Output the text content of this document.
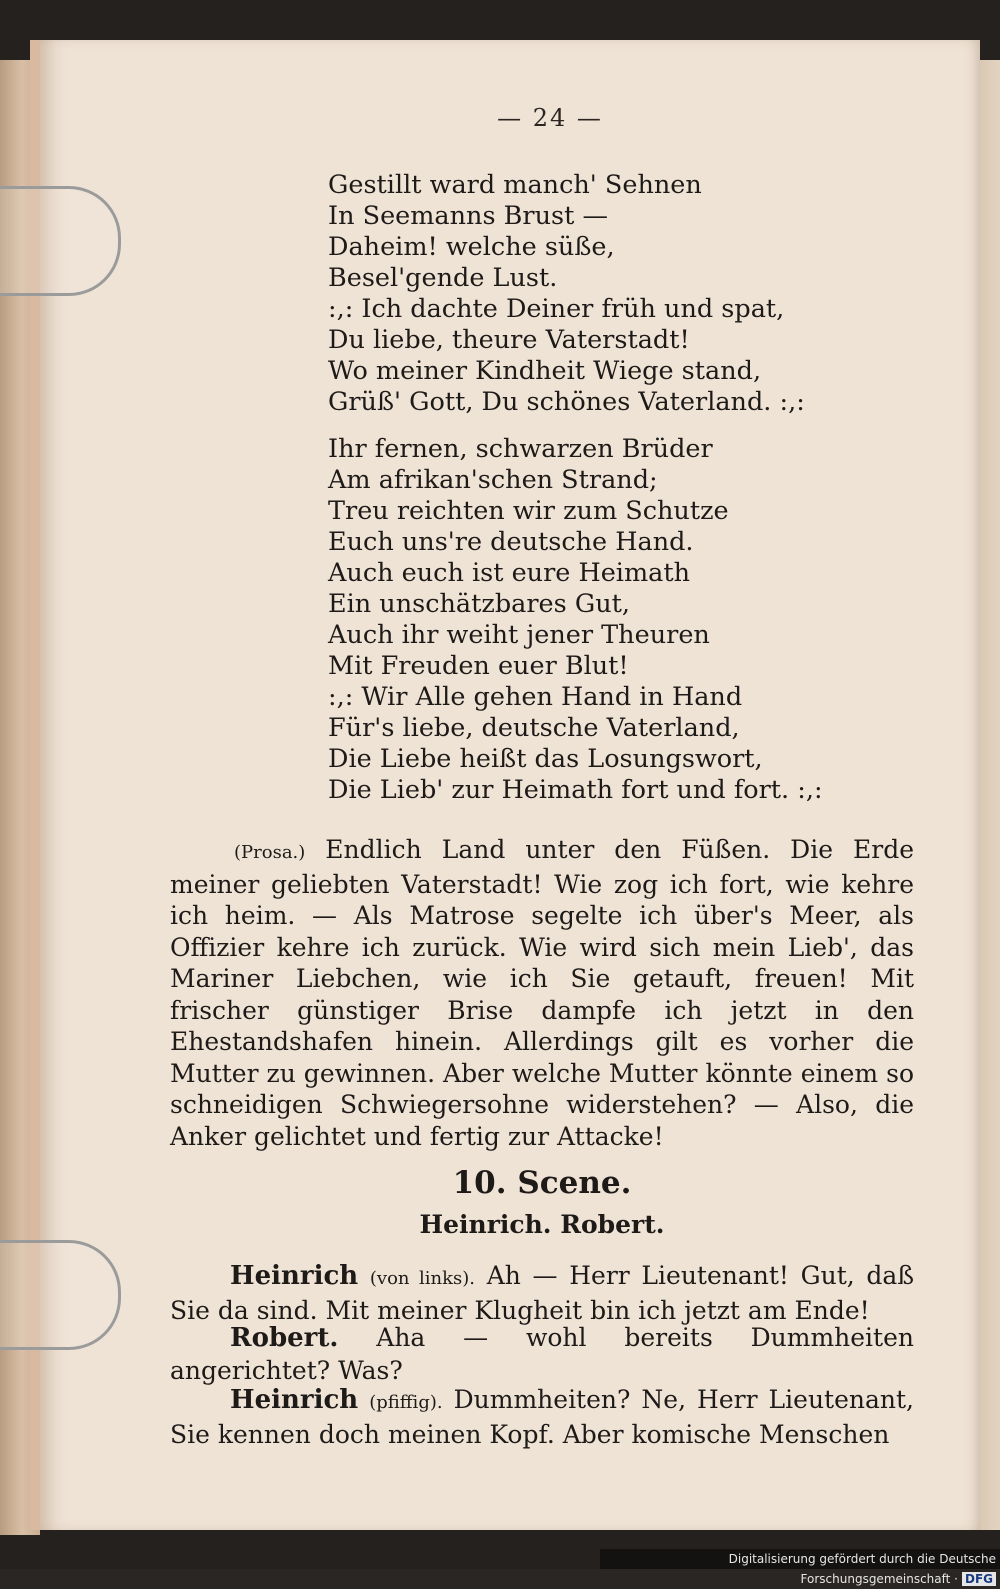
— 24 —
Gestillt ward manch' Sehnen
In Seemanns Brust —
Daheim! welche süße,
Besel'gende Lust.
:,: Ich dachte Deiner früh und spat,
Du liebe, theure Vaterstadt!
Wo meiner Kindheit Wiege stand,
Grüß' Gott, Du schönes Vaterland. :,:
Ihr fernen, schwarzen Brüder
Am afrikan'schen Strand;
Treu reichten wir zum Schutze
Euch uns're deutsche Hand.
Auch euch ist eure Heimath
Ein unschätzbares Gut,
Auch ihr weiht jener Theuren
Mit Freuden euer Blut!
:,: Wir Alle gehen Hand in Hand
Für's liebe, deutsche Vaterland,
Die Liebe heißt das Losungswort,
Die Lieb' zur Heimath fort und fort. :,:
(Prosa.) Endlich Land unter den Füßen. Die Erde meiner geliebten Vaterstadt! Wie zog ich fort, wie kehre ich heim. — Als Matrose segelte ich über's Meer, als Offizier kehre ich zurück. Wie wird sich mein Lieb', das Mariner Liebchen, wie ich Sie getauft, freuen! Mit frischer günstiger Brise dampfe ich jetzt in den Ehestandshafen hinein. Allerdings gilt es vorher die Mutter zu gewinnen. Aber welche Mutter könnte einem so schneidigen Schwiegersohne widerstehen? — Also, die Anker gelichtet und fertig zur Attacke!
10. Scene.
Heinrich. Robert.
Heinrich (von links). Ah — Herr Lieutenant! Gut, daß Sie da sind. Mit meiner Klugheit bin ich jetzt am Ende!
Robert. Aha — wohl bereits Dummheiten angerichtet? Was?
Heinrich (pfiffig). Dummheiten? Ne, Herr Lieutenant, Sie kennen doch meinen Kopf. Aber komische Menschen
Digitalisierung gefördert durch die Deutsche Forschungsgemeinschaft · DFG
